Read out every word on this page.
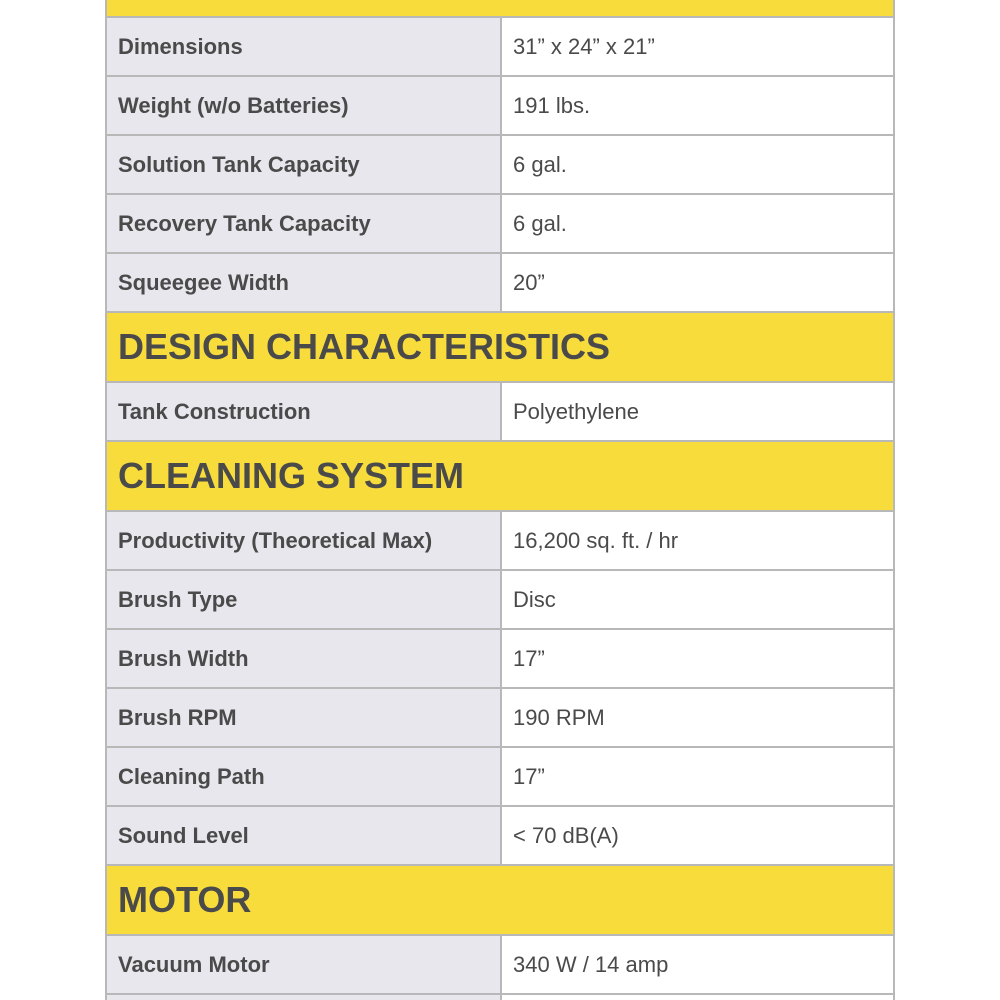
Dimensions	31” x 24” x 21”
Weight (w/o Batteries)	191 lbs.
Solution Tank Capacity	6 gal.
Recovery Tank Capacity	6 gal.
Squeegee Width	20”
DESIGN CHARACTERISTICS
Tank Construction	Polyethylene
CLEANING SYSTEM
Productivity (Theoretical Max)	16,200 sq. ft. / hr
Brush Type	Disc
Brush Width	17”
Brush RPM	190 RPM
Cleaning Path	17”
Sound Level	< 70 dB(A)
MOTOR
Vacuum Motor	340 W / 14 amp
